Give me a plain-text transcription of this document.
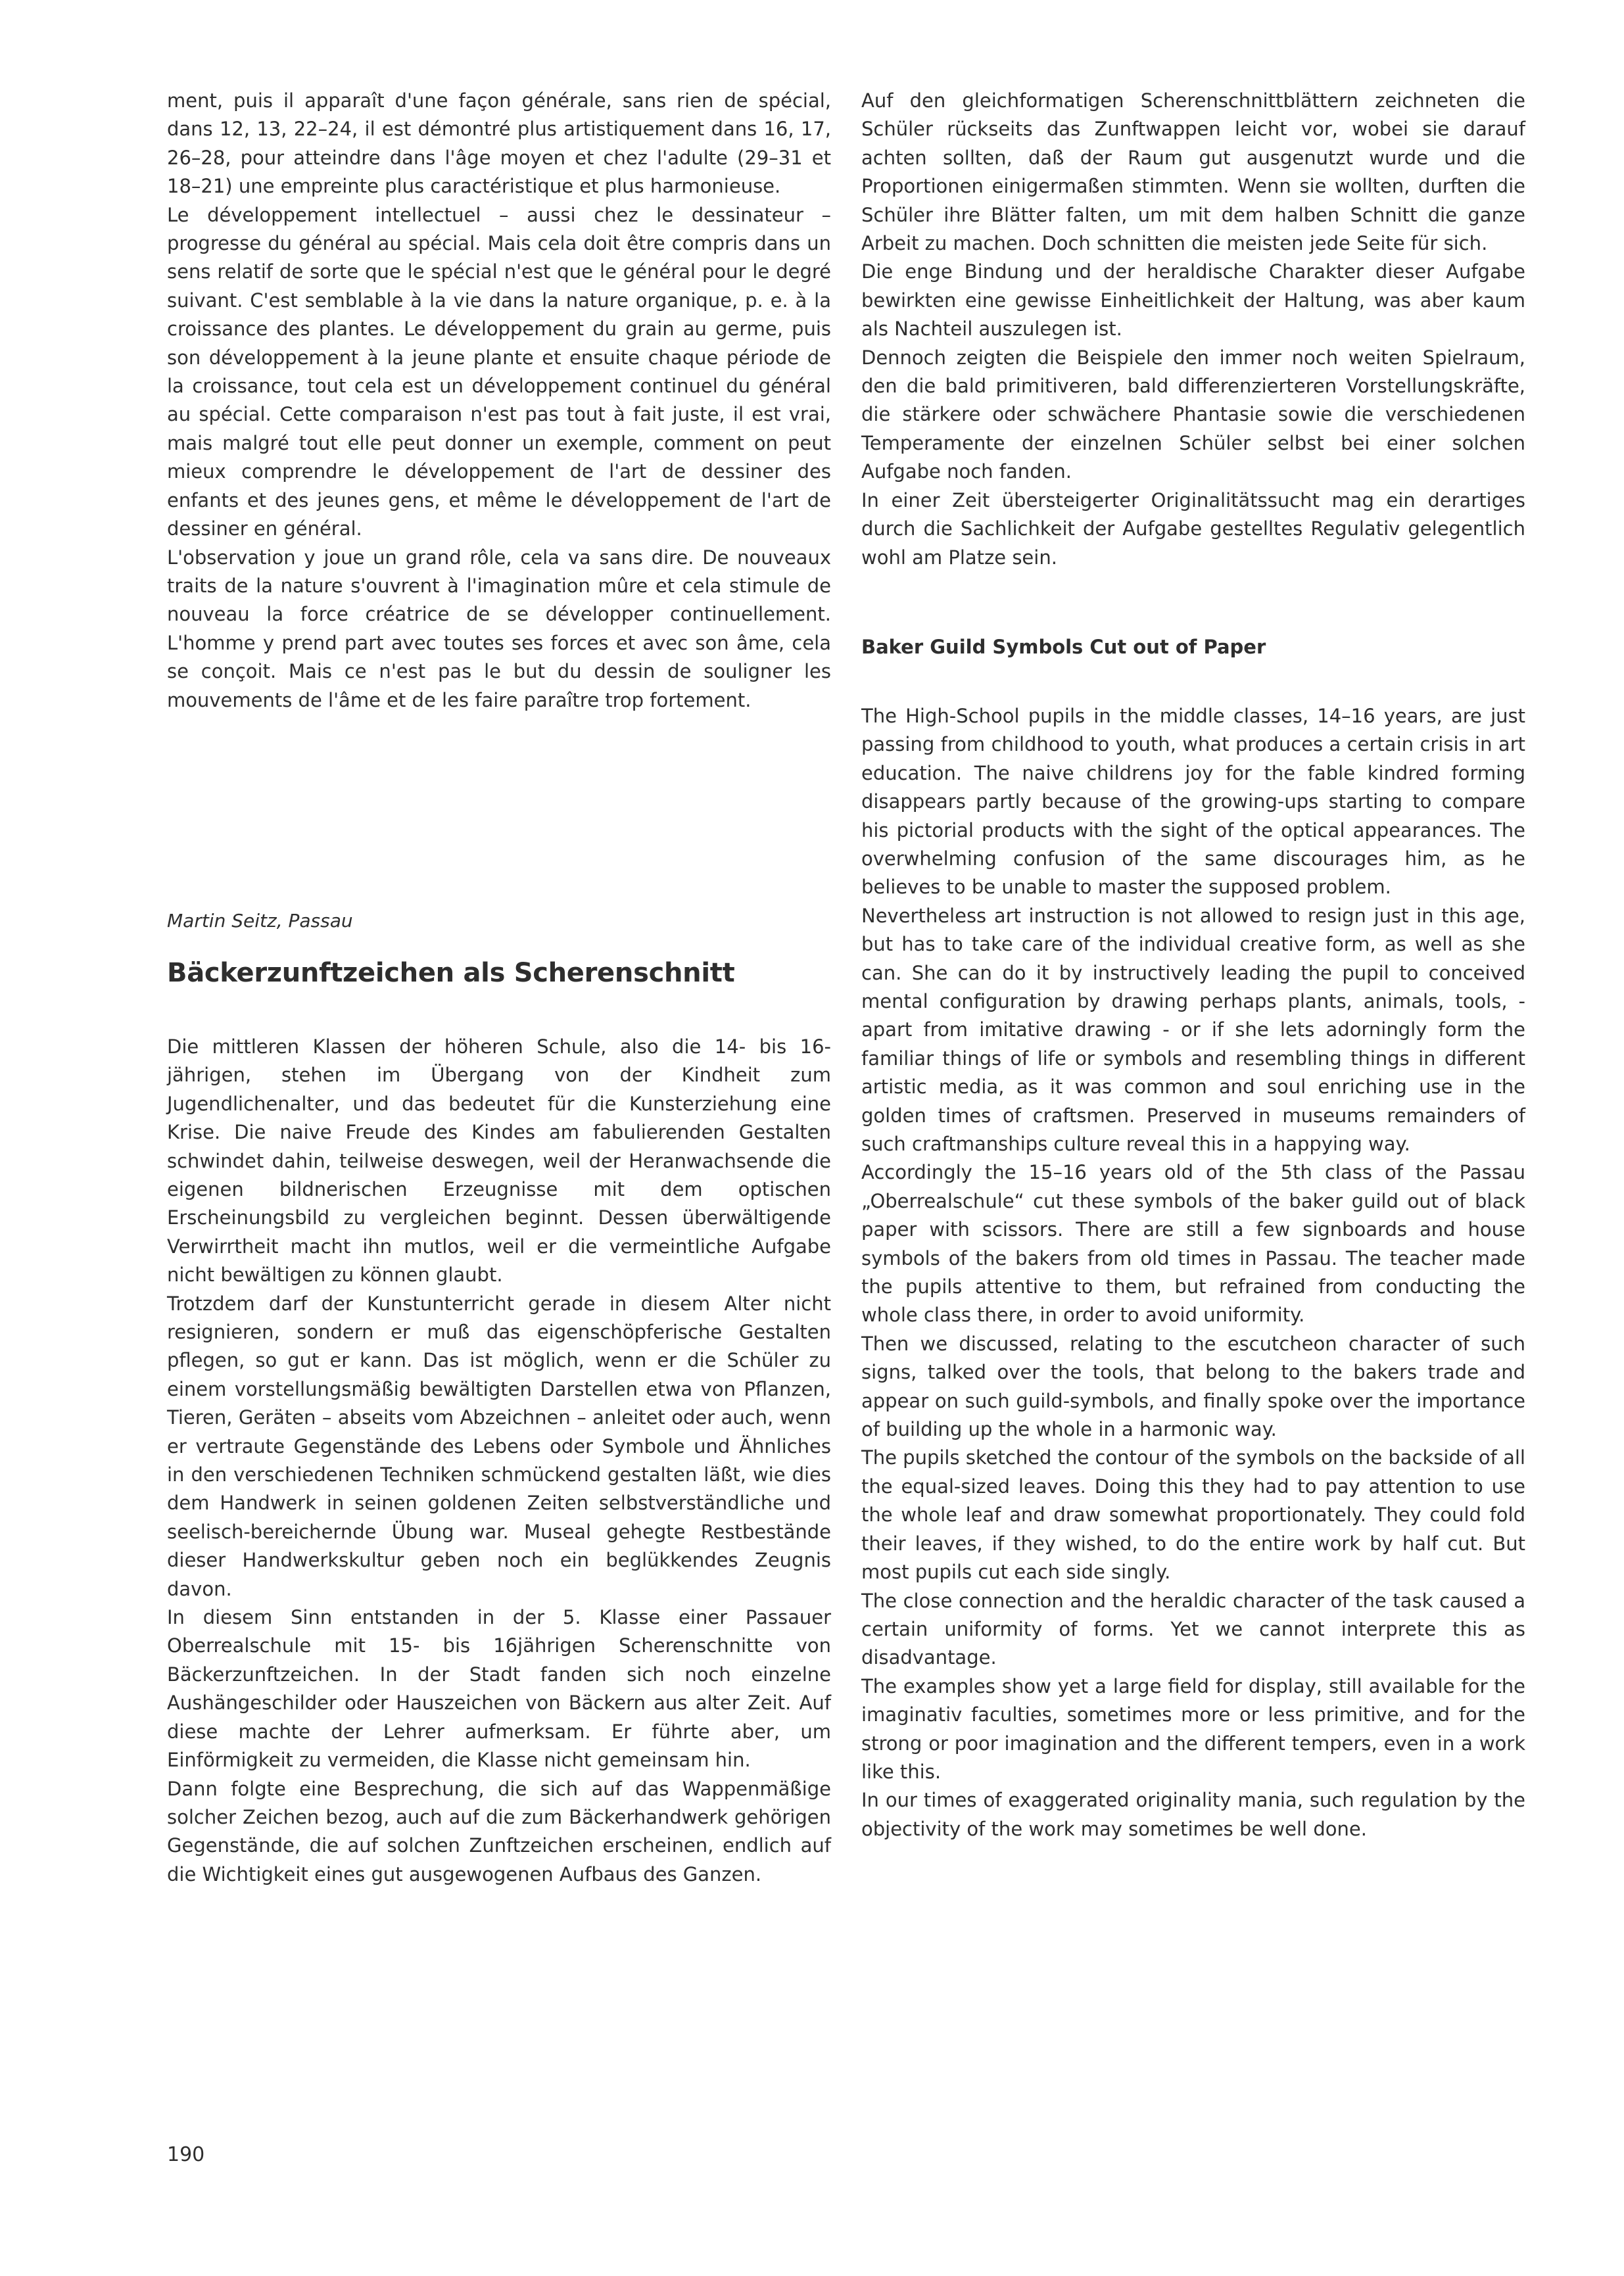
ment, puis il apparaît d'une façon générale, sans rien de spécial, dans 12, 13, 22–24, il est démontré plus artistiquement dans 16, 17, 26–28, pour atteindre dans l'âge moyen et chez l'adulte (29–31 et 18–21) une empreinte plus caractéristique et plus harmonieuse.

Le développement intellectuel – aussi chez le dessinateur – progresse du général au spécial. Mais cela doit être compris dans un sens relatif de sorte que le spécial n'est que le général pour le degré suivant. C'est semblable à la vie dans la nature organique, p. e. à la croissance des plantes. Le développement du grain au germe, puis son développement à la jeune plante et ensuite chaque période de la croissance, tout cela est un développement continuel du général au spécial. Cette comparaison n'est pas tout à fait juste, il est vrai, mais malgré tout elle peut donner un exemple, comment on peut mieux comprendre le développement de l'art de dessiner des enfants et des jeunes gens, et même le développement de l'art de dessiner en général.

L'observation y joue un grand rôle, cela va sans dire. De nouveaux traits de la nature s'ouvrent à l'imagination mûre et cela stimule de nouveau la force créatrice de se développer continuellement. L'homme y prend part avec toutes ses forces et avec son âme, cela se conçoit. Mais ce n'est pas le but du dessin de souligner les mouvements de l'âme et de les faire paraître trop fortement.

Martin Seitz, Passau
Bäckerzunftzeichen als Scherenschnitt

Die mittleren Klassen der höheren Schule, also die 14- bis 16-jährigen, stehen im Übergang von der Kindheit zum Jugendlichenalter, und das bedeutet für die Kunsterziehung eine Krise. Die naive Freude des Kindes am fabulierenden Gestalten schwindet dahin, teilweise deswegen, weil der Heranwachsende die eigenen bildnerischen Erzeugnisse mit dem optischen Erscheinungsbild zu vergleichen beginnt. Dessen überwältigende Verwirrtheit macht ihn mutlos, weil er die vermeintliche Aufgabe nicht bewältigen zu können glaubt.

Trotzdem darf der Kunstunterricht gerade in diesem Alter nicht resignieren, sondern er muß das eigenschöpferische Gestalten pflegen, so gut er kann. Das ist möglich, wenn er die Schüler zu einem vorstellungsmäßig bewältigten Darstellen etwa von Pflanzen, Tieren, Geräten – abseits vom Abzeichnen – anleitet oder auch, wenn er vertraute Gegenstände des Lebens oder Symbole und Ähnliches in den verschiedenen Techniken schmückend gestalten läßt, wie dies dem Handwerk in seinen goldenen Zeiten selbstverständliche und seelisch-bereichernde Übung war. Museal gehegte Restbestände dieser Handwerkskultur geben noch ein beglükkendes Zeugnis davon.

In diesem Sinn entstanden in der 5. Klasse einer Passauer Oberrealschule mit 15- bis 16jährigen Scherenschnitte von Bäckerzunftzeichen. In der Stadt fanden sich noch einzelne Aushängeschilder oder Hauszeichen von Bäckern aus alter Zeit. Auf diese machte der Lehrer aufmerksam. Er führte aber, um Einförmigkeit zu vermeiden, die Klasse nicht gemeinsam hin.

Dann folgte eine Besprechung, die sich auf das Wappenmäßige solcher Zeichen bezog, auch auf die zum Bäckerhandwerk gehörigen Gegenstände, die auf solchen Zunftzeichen erscheinen, endlich auf die Wichtigkeit eines gut ausgewogenen Aufbaus des Ganzen.

Auf den gleichformatigen Scherenschnittblättern zeichneten die Schüler rückseits das Zunftwappen leicht vor, wobei sie darauf achten sollten, daß der Raum gut ausgenutzt wurde und die Proportionen einigermaßen stimmten. Wenn sie wollten, durften die Schüler ihre Blätter falten, um mit dem halben Schnitt die ganze Arbeit zu machen. Doch schnitten die meisten jede Seite für sich.

Die enge Bindung und der heraldische Charakter dieser Aufgabe bewirkten eine gewisse Einheitlichkeit der Haltung, was aber kaum als Nachteil auszulegen ist.

Dennoch zeigten die Beispiele den immer noch weiten Spielraum, den die bald primitiveren, bald differenzierteren Vorstellungskräfte, die stärkere oder schwächere Phantasie sowie die verschiedenen Temperamente der einzelnen Schüler selbst bei einer solchen Aufgabe noch fanden.

In einer Zeit übersteigerter Originalitätssucht mag ein derartiges durch die Sachlichkeit der Aufgabe gestelltes Regulativ gelegentlich wohl am Platze sein.

Baker Guild Symbols Cut out of Paper

The High-School pupils in the middle classes, 14–16 years, are just passing from childhood to youth, what produces a certain crisis in art education. The naive childrens joy for the fable kindred forming disappears partly because of the growing-ups starting to compare his pictorial products with the sight of the optical appearances. The overwhelming confusion of the same discourages him, as he believes to be unable to master the supposed problem.

Nevertheless art instruction is not allowed to resign just in this age, but has to take care of the individual creative form, as well as she can. She can do it by instructively leading the pupil to conceived mental configuration by drawing perhaps plants, animals, tools, - apart from imitative drawing - or if she lets adorningly form the familiar things of life or symbols and resembling things in different artistic media, as it was common and soul enriching use in the golden times of craftsmen. Preserved in museums remainders of such craftmanships culture reveal this in a happying way.

Accordingly the 15–16 years old of the 5th class of the Passau „Oberrealschule“ cut these symbols of the baker guild out of black paper with scissors. There are still a few signboards and house symbols of the bakers from old times in Passau. The teacher made the pupils attentive to them, but refrained from conducting the whole class there, in order to avoid uniformity.

Then we discussed, relating to the escutcheon character of such signs, talked over the tools, that belong to the bakers trade and appear on such guild-symbols, and finally spoke over the importance of building up the whole in a harmonic way.

The pupils sketched the contour of the symbols on the backside of all the equal-sized leaves. Doing this they had to pay attention to use the whole leaf and draw somewhat proportionately. They could fold their leaves, if they wished, to do the entire work by half cut. But most pupils cut each side singly.

The close connection and the heraldic character of the task caused a certain uniformity of forms. Yet we cannot interprete this as disadvantage.

The examples show yet a large field for display, still available for the imaginativ faculties, sometimes more or less primitive, and for the strong or poor imagination and the different tempers, even in a work like this.

In our times of exaggerated originality mania, such regulation by the objectivity of the work may sometimes be well done.

190
